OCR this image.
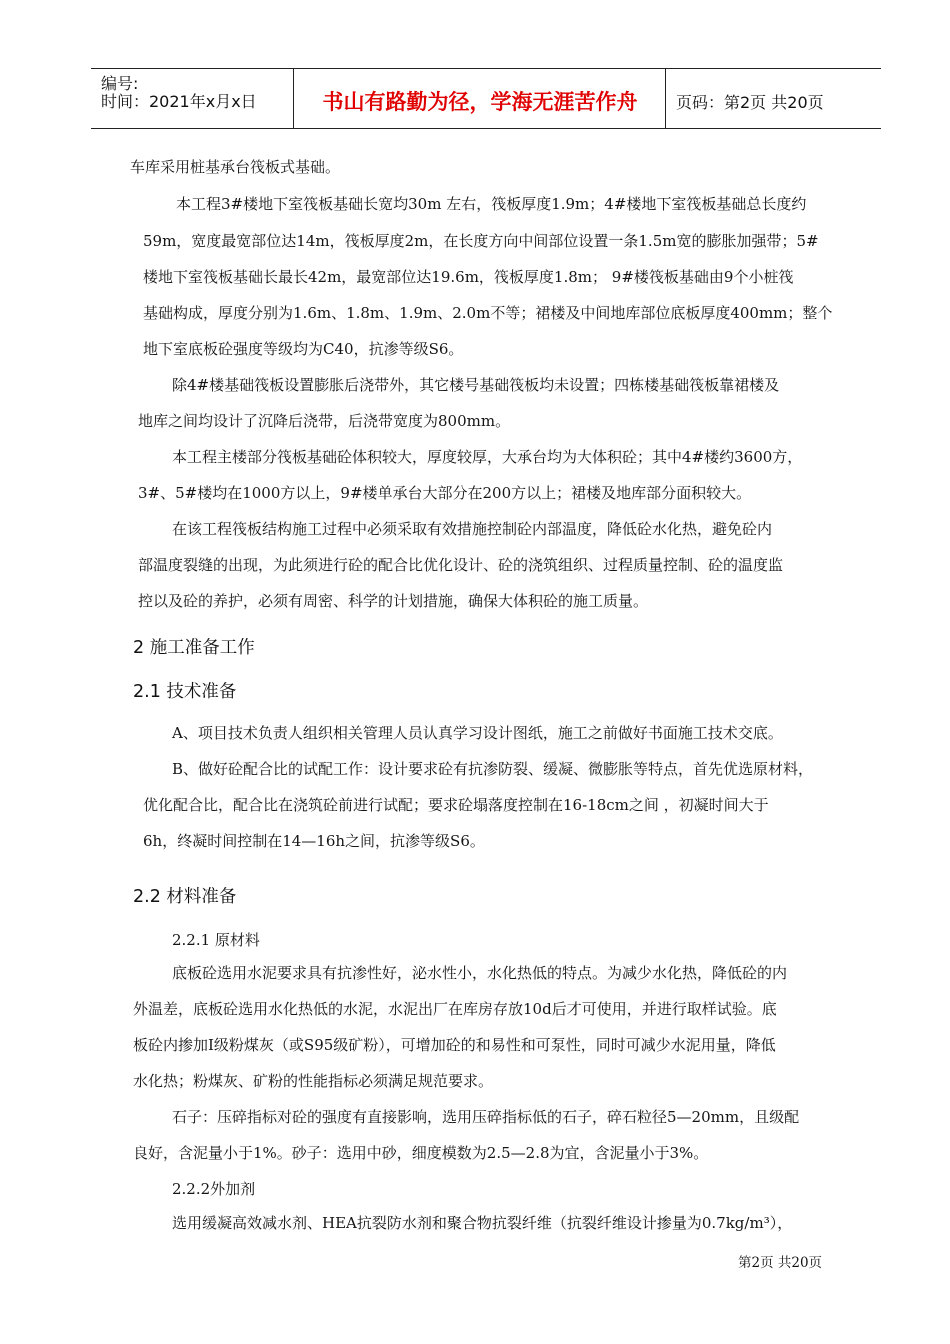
编号:
时间：2021年x月x日	书山有路勤为径，学海无涯苦作舟	页码：第2页 共20页
车库采用桩基承台筏板式基础。
本工程3#楼地下室筏板基础长宽均30m 左右，筏板厚度1.9m；4#楼地下室筏板基础总长度约
59m，宽度最宽部位达14m，筏板厚度2m，在长度方向中间部位设置一条1.5m宽的膨胀加强带；5#
楼地下室筏板基础长最长42m，最宽部位达19.6m，筏板厚度1.8m； 9#楼筏板基础由9个小桩筏
基础构成，厚度分别为1.6m、1.8m、1.9m、2.0m不等；裙楼及中间地库部位底板厚度400mm；整个
地下室底板砼强度等级均为C40，抗渗等级S6。
除4#楼基础筏板设置膨胀后浇带外，其它楼号基础筏板均未设置；四栋楼基础筏板靠裙楼及
地库之间均设计了沉降后浇带，后浇带宽度为800mm。
本工程主楼部分筏板基础砼体积较大，厚度较厚，大承台均为大体积砼；其中4#楼约3600方，
3#、5#楼均在1000方以上，9#楼单承台大部分在200方以上；裙楼及地库部分面积较大。
在该工程筏板结构施工过程中必须采取有效措施控制砼内部温度，降低砼水化热，避免砼内
部温度裂缝的出现，为此须进行砼的配合比优化设计、砼的浇筑组织、过程质量控制、砼的温度监
控以及砼的养护，必须有周密、科学的计划措施，确保大体积砼的施工质量。
2 施工准备工作
2.1 技术准备
A、项目技术负责人组织相关管理人员认真学习设计图纸，施工之前做好书面施工技术交底。
B、做好砼配合比的试配工作：设计要求砼有抗渗防裂、缓凝、微膨胀等特点，首先优选原材料，
优化配合比，配合比在浇筑砼前进行试配；要求砼塌落度控制在16-18cm之间 ，初凝时间大于
6h，终凝时间控制在14—16h之间，抗渗等级S6。
2.2 材料准备
2.2.1 原材料
底板砼选用水泥要求具有抗渗性好，泌水性小，水化热低的特点。为减少水化热，降低砼的内
外温差，底板砼选用水化热低的水泥，水泥出厂在库房存放10d后才可使用，并进行取样试验。底
板砼内掺加Ⅰ级粉煤灰（或S95级矿粉），可增加砼的和易性和可泵性，同时可减少水泥用量，降低
水化热；粉煤灰、矿粉的性能指标必须满足规范要求。
石子：压碎指标对砼的强度有直接影响，选用压碎指标低的石子，碎石粒径5—20mm，且级配
良好，含泥量小于1%。砂子：选用中砂，细度模数为2.5—2.8为宜，含泥量小于3%。
2.2.2外加剂
选用缓凝高效减水剂、HEA抗裂防水剂和聚合物抗裂纤维（抗裂纤维设计掺量为0.7kg/m³），
第2页 共20页
